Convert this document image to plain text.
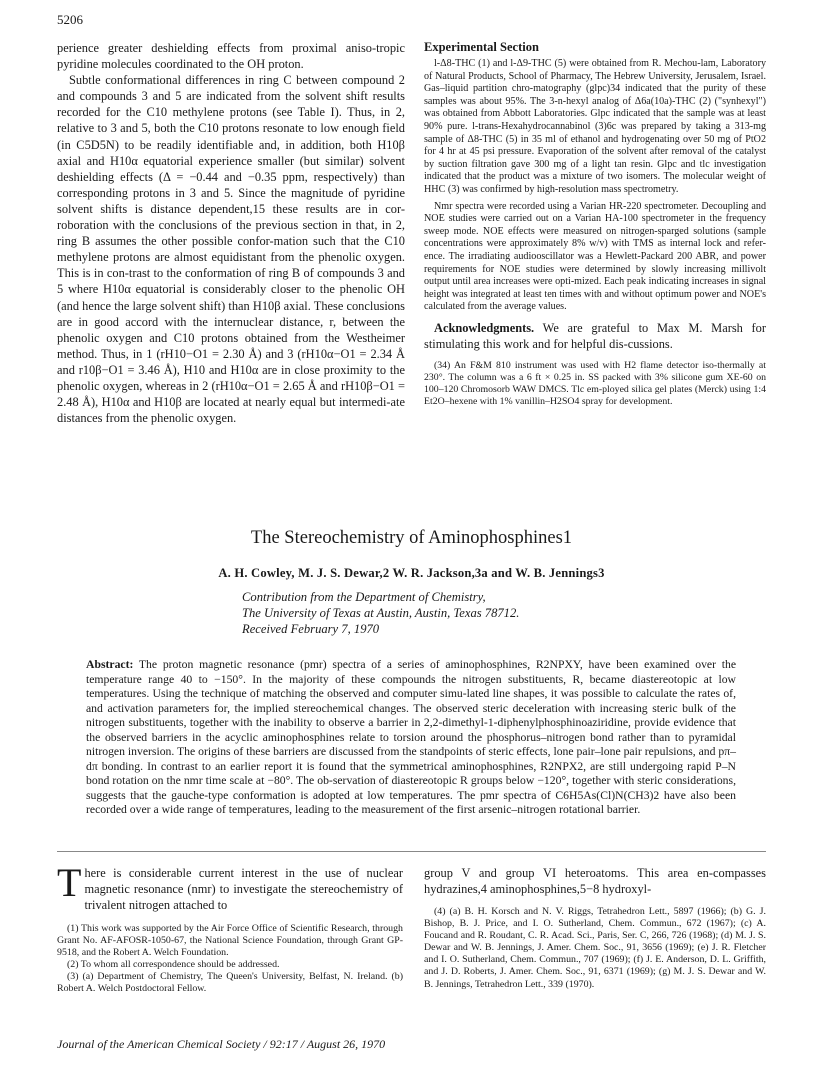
5206

perience greater deshielding effects from proximal aniso-tropic pyridine molecules coordinated to the OH proton.

Subtle conformational differences in ring C between compound 2 and compounds 3 and 5 are indicated from the solvent shift results recorded for the C10 methylene protons (see Table I). Thus, in 2, relative to 3 and 5, both the C10 protons resonate to low enough field (in C5D5N) to be readily identifiable and, in addition, both H10β axial and H10α equatorial experience smaller (but similar) solvent deshielding effects (Δ = −0.44 and −0.35 ppm, respectively) than corresponding protons in 3 and 5. Since the magnitude of pyridine solvent shifts is distance dependent,15 these results are in cor-roboration with the conclusions of the previous section in that, in 2, ring B assumes the other possible confor-mation such that the C10 methylene protons are almost equidistant from the phenolic oxygen. This is in con-trast to the conformation of ring B of compounds 3 and 5 where H10α equatorial is considerably closer to the phenolic OH (and hence the large solvent shift) than H10β axial. These conclusions are in good accord with the internuclear distance, r, between the phenolic oxygen and C10 protons obtained from the Westheimer method. Thus, in 1 (rH10−O1 = 2.30 Å) and 3 (rH10α−O1 = 2.34 Å and r10β−O1 = 3.46 Å), H10 and H10α are in close proximity to the phenolic oxygen, whereas in 2 (rH10α−O1 = 2.65 Å and rH10β−O1 = 2.48 Å), H10α and H10β are located at nearly equal but intermedi-ate distances from the phenolic oxygen.

Experimental Section

l-Δ8-THC (1) and l-Δ9-THC (5) were obtained from R. Mechou-lam, Laboratory of Natural Products, School of Pharmacy, The Hebrew University, Jerusalem, Israel. Gas–liquid partition chro-matography (glpc)34 indicated that the purity of these samples was about 95%. The 3-n-hexyl analog of Δ6a(10a)-THC (2) ("synhexyl") was obtained from Abbott Laboratories. Glpc indicated that the sample was at least 90% pure. l-trans-Hexahydrocannabinol (3)6c was prepared by taking a 313-mg sample of Δ8-THC (5) in 35 ml of ethanol and hydrogenating over 50 mg of PtO2 for 4 hr at 45 psi pressure. Evaporation of the solvent after removal of the catalyst by suction filtration gave 300 mg of a light tan resin. Glpc and tlc investigation indicated that the product was a mixture of two isomers. The molecular weight of HHC (3) was confirmed by high-resolution mass spectrometry.

Nmr spectra were recorded using a Varian HR-220 spectrometer. Decoupling and NOE studies were carried out on a Varian HA-100 spectrometer in the frequency sweep mode. NOE effects were measured on nitrogen-sparged solutions (sample concentrations were approximately 8% w/v) with TMS as internal lock and refer-ence. The irradiating audiooscillator was a Hewlett-Packard 200 ABR, and power requirements for NOE studies were determined by slowly increasing millivolt output until area increases were opti-mized. Each peak indicating increases in signal height was integrated at least ten times with and without optimum power and NOE's calculated from the average values.

Acknowledgments. We are grateful to Max M. Marsh for stimulating this work and for helpful dis-cussions.

(34) An F&M 810 instrument was used with H2 flame detector iso-thermally at 230°. The column was a 6 ft × 0.25 in. SS packed with 3% silicone gum XE-60 on 100–120 Chromosorb WAW DMCS. Tlc em-ployed silica gel plates (Merck) using 1:4 Et2O–hexene with 1% vanillin–H2SO4 spray for development.

The Stereochemistry of Aminophosphines1
A. H. Cowley, M. J. S. Dewar,2 W. R. Jackson,3a and W. B. Jennings3
Contribution from the Department of Chemistry,
The University of Texas at Austin, Austin, Texas 78712.
Received February 7, 1970
Abstract: The proton magnetic resonance (pmr) spectra of a series of aminophosphines, R2NPXY, have been examined over the temperature range 40 to −150°. In the majority of these compounds the nitrogen substituents, R, became diastereotopic at low temperatures. Using the technique of matching the observed and computer simu-lated line shapes, it was possible to calculate the rates of, and activation parameters for, the implied stereochemical changes. The observed steric deceleration with increasing steric bulk of the nitrogen substituents, together with the inability to observe a barrier in 2,2-dimethyl-1-diphenylphosphinoaziridine, provide evidence that the observed barriers in the acyclic aminophosphines relate to torsion around the phosphorus–nitrogen bond rather than to pyramidal nitrogen inversion. The origins of these barriers are discussed from the standpoints of steric effects, lone pair–lone pair repulsions, and pπ–dπ bonding. In contrast to an earlier report it is found that the symmetrical aminophosphines, R2NPX2, are still undergoing rapid P–N bond rotation on the nmr time scale at −80°. The ob-servation of diastereotopic R groups below −120°, together with steric considerations, suggests that the gauche-type conformation is adopted at low temperatures. The pmr spectra of C6H5As(Cl)N(CH3)2 have also been recorded over a wide range of temperatures, leading to the measurement of the first arsenic–nitrogen rotational barrier.
T here is considerable current interest in the use of nuclear magnetic resonance (nmr) to investigate the stereochemistry of trivalent nitrogen attached to

(1) This work was supported by the Air Force Office of Scientific Research, through Grant No. AF-AFOSR-1050-67, the National Science Foundation, through Grant GP-9518, and the Robert A. Welch Foundation.

(2) To whom all correspondence should be addressed.

(3) (a) Department of Chemistry, The Queen's University, Belfast, N. Ireland. (b) Robert A. Welch Postdoctoral Fellow.

group V and group VI heteroatoms. This area en-compasses hydrazines,4 aminophosphines,5−8 hydroxyl-

(4) (a) B. H. Korsch and N. V. Riggs, Tetrahedron Lett., 5897 (1966); (b) G. J. Bishop, B. J. Price, and I. O. Sutherland, Chem. Commun., 672 (1967); (c) A. Foucand and R. Roudant, C. R. Acad. Sci., Paris, Ser. C, 266, 726 (1968); (d) M. J. S. Dewar and W. B. Jennings, J. Amer. Chem. Soc., 91, 3656 (1969); (e) J. R. Fletcher and I. O. Sutherland, Chem. Commun., 707 (1969); (f) J. E. Anderson, D. L. Griffith, and J. D. Roberts, J. Amer. Chem. Soc., 91, 6371 (1969); (g) M. J. S. Dewar and W. B. Jennings, Tetrahedron Lett., 339 (1970).

Journal of the American Chemical Society / 92:17 / August 26, 1970
